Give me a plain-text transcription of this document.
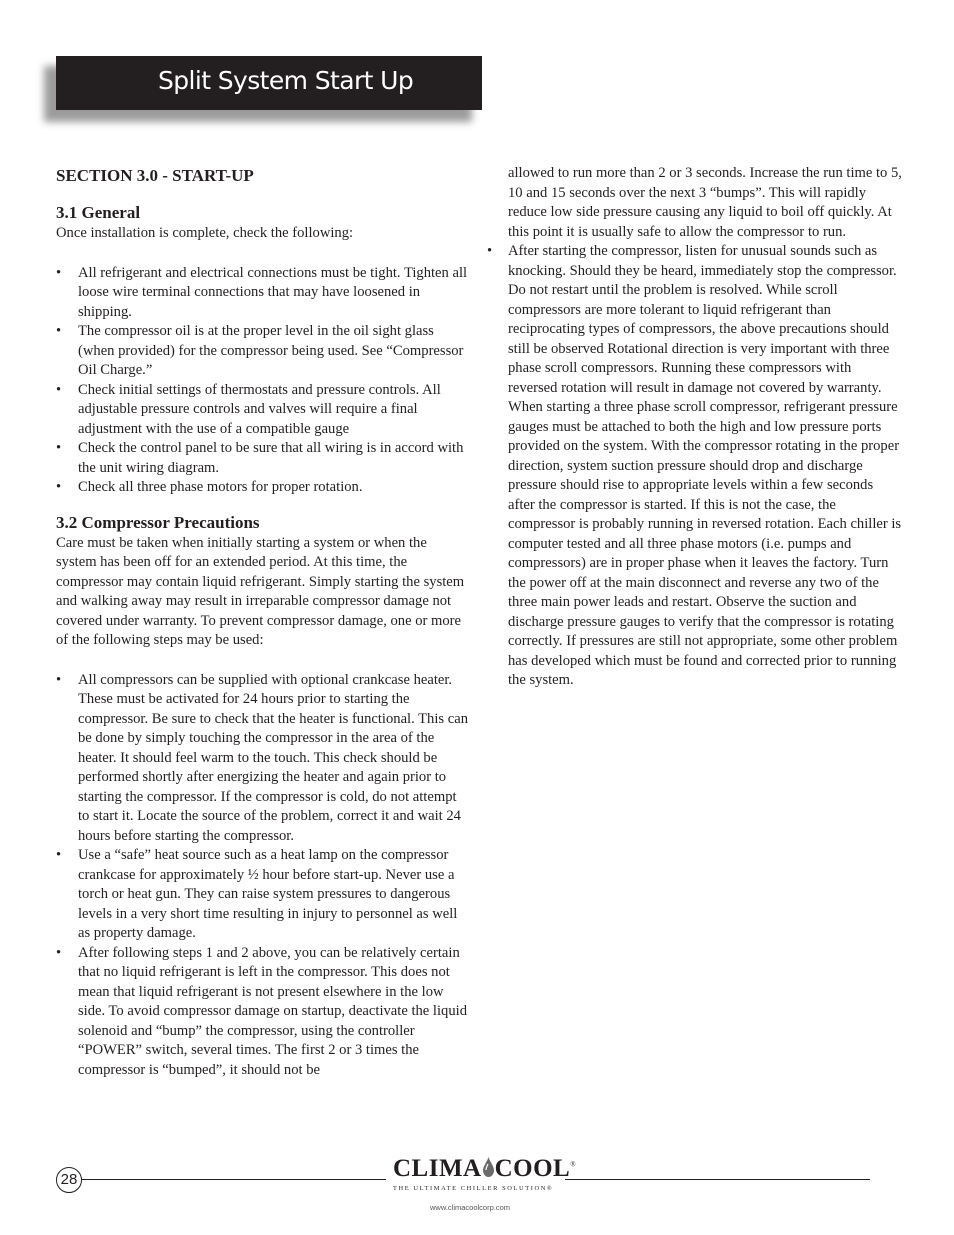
Split System Start Up
SECTION 3.0 - START-UP
3.1 General

Once installation is complete, check the following:

• All refrigerant and electrical connections must be tight. Tighten all loose wire terminal connections that may have loosened in shipping.
• The compressor oil is at the proper level in the oil sight glass (when provided) for the compressor being used. See “Compressor Oil Charge.”
• Check initial settings of thermostats and pressure controls. All adjustable pressure controls and valves will require a final adjustment with the use of a compatible gauge
• Check the control panel to be sure that all wiring is in accord with the unit wiring diagram.
• Check all three phase motors for proper rotation.
3.2 Compressor Precautions

Care must be taken when initially starting a system or when the system has been off for an extended period. At this time, the compressor may contain liquid refrigerant. Simply starting the system and walking away may result in irreparable compressor damage not covered under warranty. To prevent compressor damage, one or more of the following steps may be used:

• All compressors can be supplied with optional crankcase heater. These must be activated for 24 hours prior to starting the compressor. Be sure to check that the heater is functional. This can be done by simply touching the compressor in the area of the heater. It should feel warm to the touch. This check should be performed shortly after energizing the heater and again prior to starting the compressor. If the compressor is cold, do not attempt to start it. Locate the source of the problem, correct it and wait 24 hours before starting the compressor.
• Use a “safe” heat source such as a heat lamp on the compressor crankcase for approximately ½ hour before start-up. Never use a torch or heat gun. They can raise system pressures to dangerous levels in a very short time resulting in injury to personnel as well as property damage.
• After following steps 1 and 2 above, you can be relatively certain that no liquid refrigerant is left in the compressor. This does not mean that liquid refrigerant is not present elsewhere in the low side. To avoid compressor damage on startup, deactivate the liquid solenoid and “bump” the compressor, using the controller “POWER” switch, several times. The first 2 or 3 times the compressor is “bumped”, it should not be

allowed to run more than 2 or 3 seconds. Increase the run time to 5, 10 and 15 seconds over the next 3 “bumps”. This will rapidly reduce low side pressure causing any liquid to boil off quickly. At this point it is usually safe to allow the compressor to run.

• After starting the compressor, listen for unusual sounds such as knocking. Should they be heard, immediately stop the compressor. Do not restart until the problem is resolved. While scroll compressors are more tolerant to liquid refrigerant than reciprocating types of compressors, the above precautions should still be observed Rotational direction is very important with three phase scroll compressors. Running these compressors with reversed rotation will result in damage not covered by warranty. When starting a three phase scroll compressor, refrigerant pressure gauges must be attached to both the high and low pressure ports provided on the system. With the compressor rotating in the proper direction, system suction pressure should drop and discharge pressure should rise to appropriate levels within a few seconds after the compressor is started. If this is not the case, the compressor is probably running in reversed rotation. Each chiller is computer tested and all three phase motors (i.e. pumps and compressors) are in proper phase when it leaves the factory. Turn the power off at the main disconnect and reverse any two of the three main power leads and restart. Observe the suction and discharge pressure gauges to verify that the compressor is rotating correctly. If pressures are still not appropriate, some other problem has developed which must be found and corrected prior to running the system.
28	CLIMA COOL®
THE ULTIMATE CHILLER SOLUTION®
www.climacoolcorp.com
